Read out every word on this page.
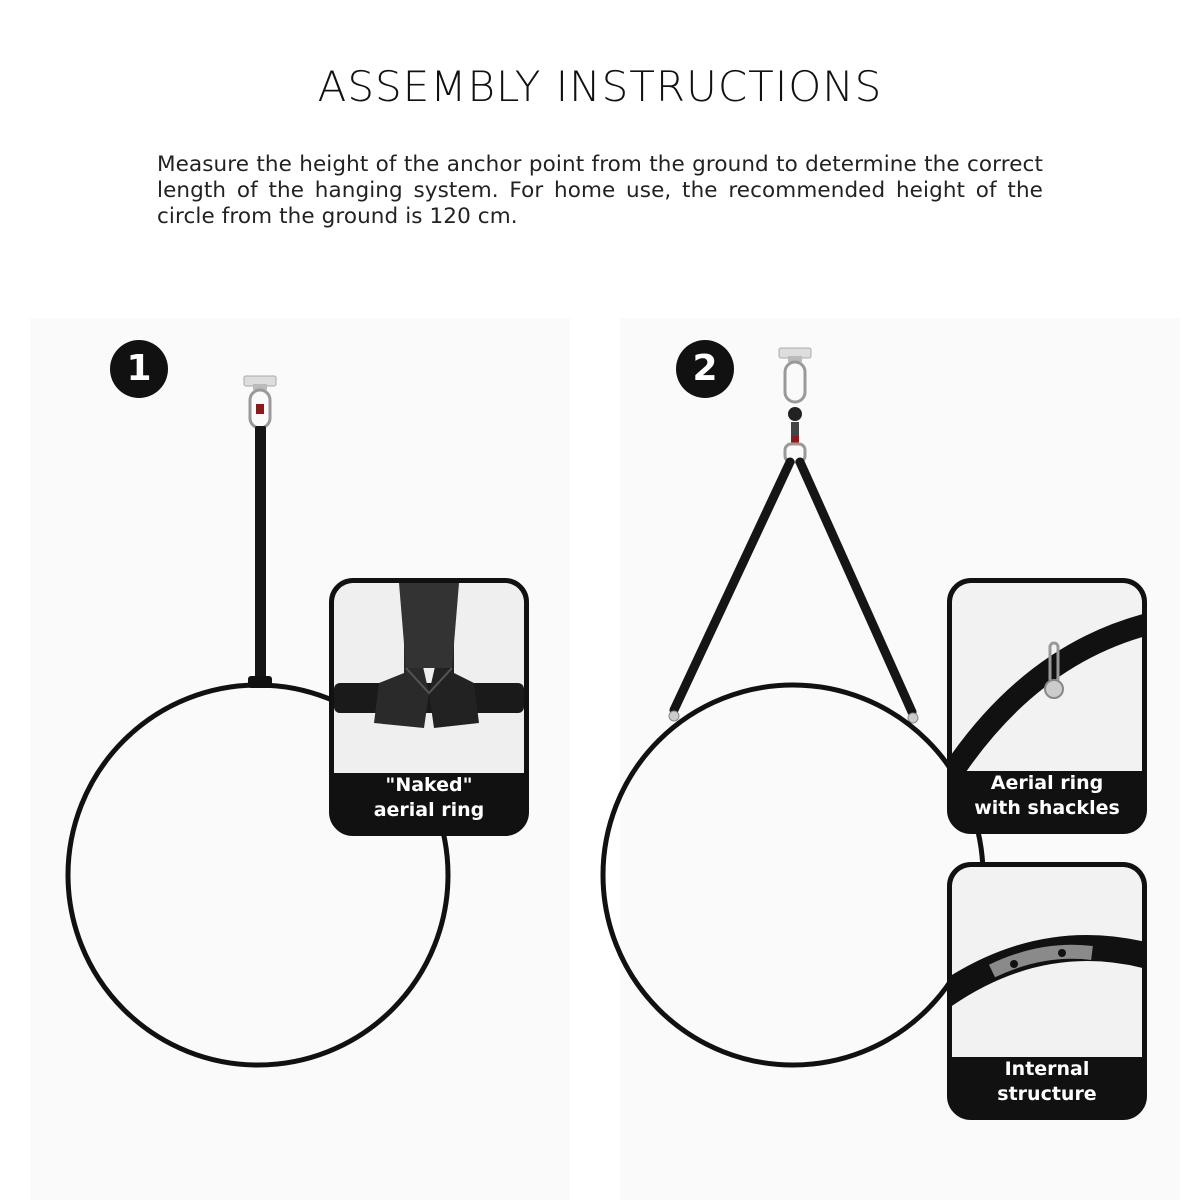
ASSEMBLY INSTRUCTIONS

Measure the height of the anchor point from the ground to determine the correct length of the hanging system. For home use, the recommended height of the circle from the ground is 120 cm.

1	2
"Naked"
aerial ring
Aerial ring
with shackles
Internal
structure
